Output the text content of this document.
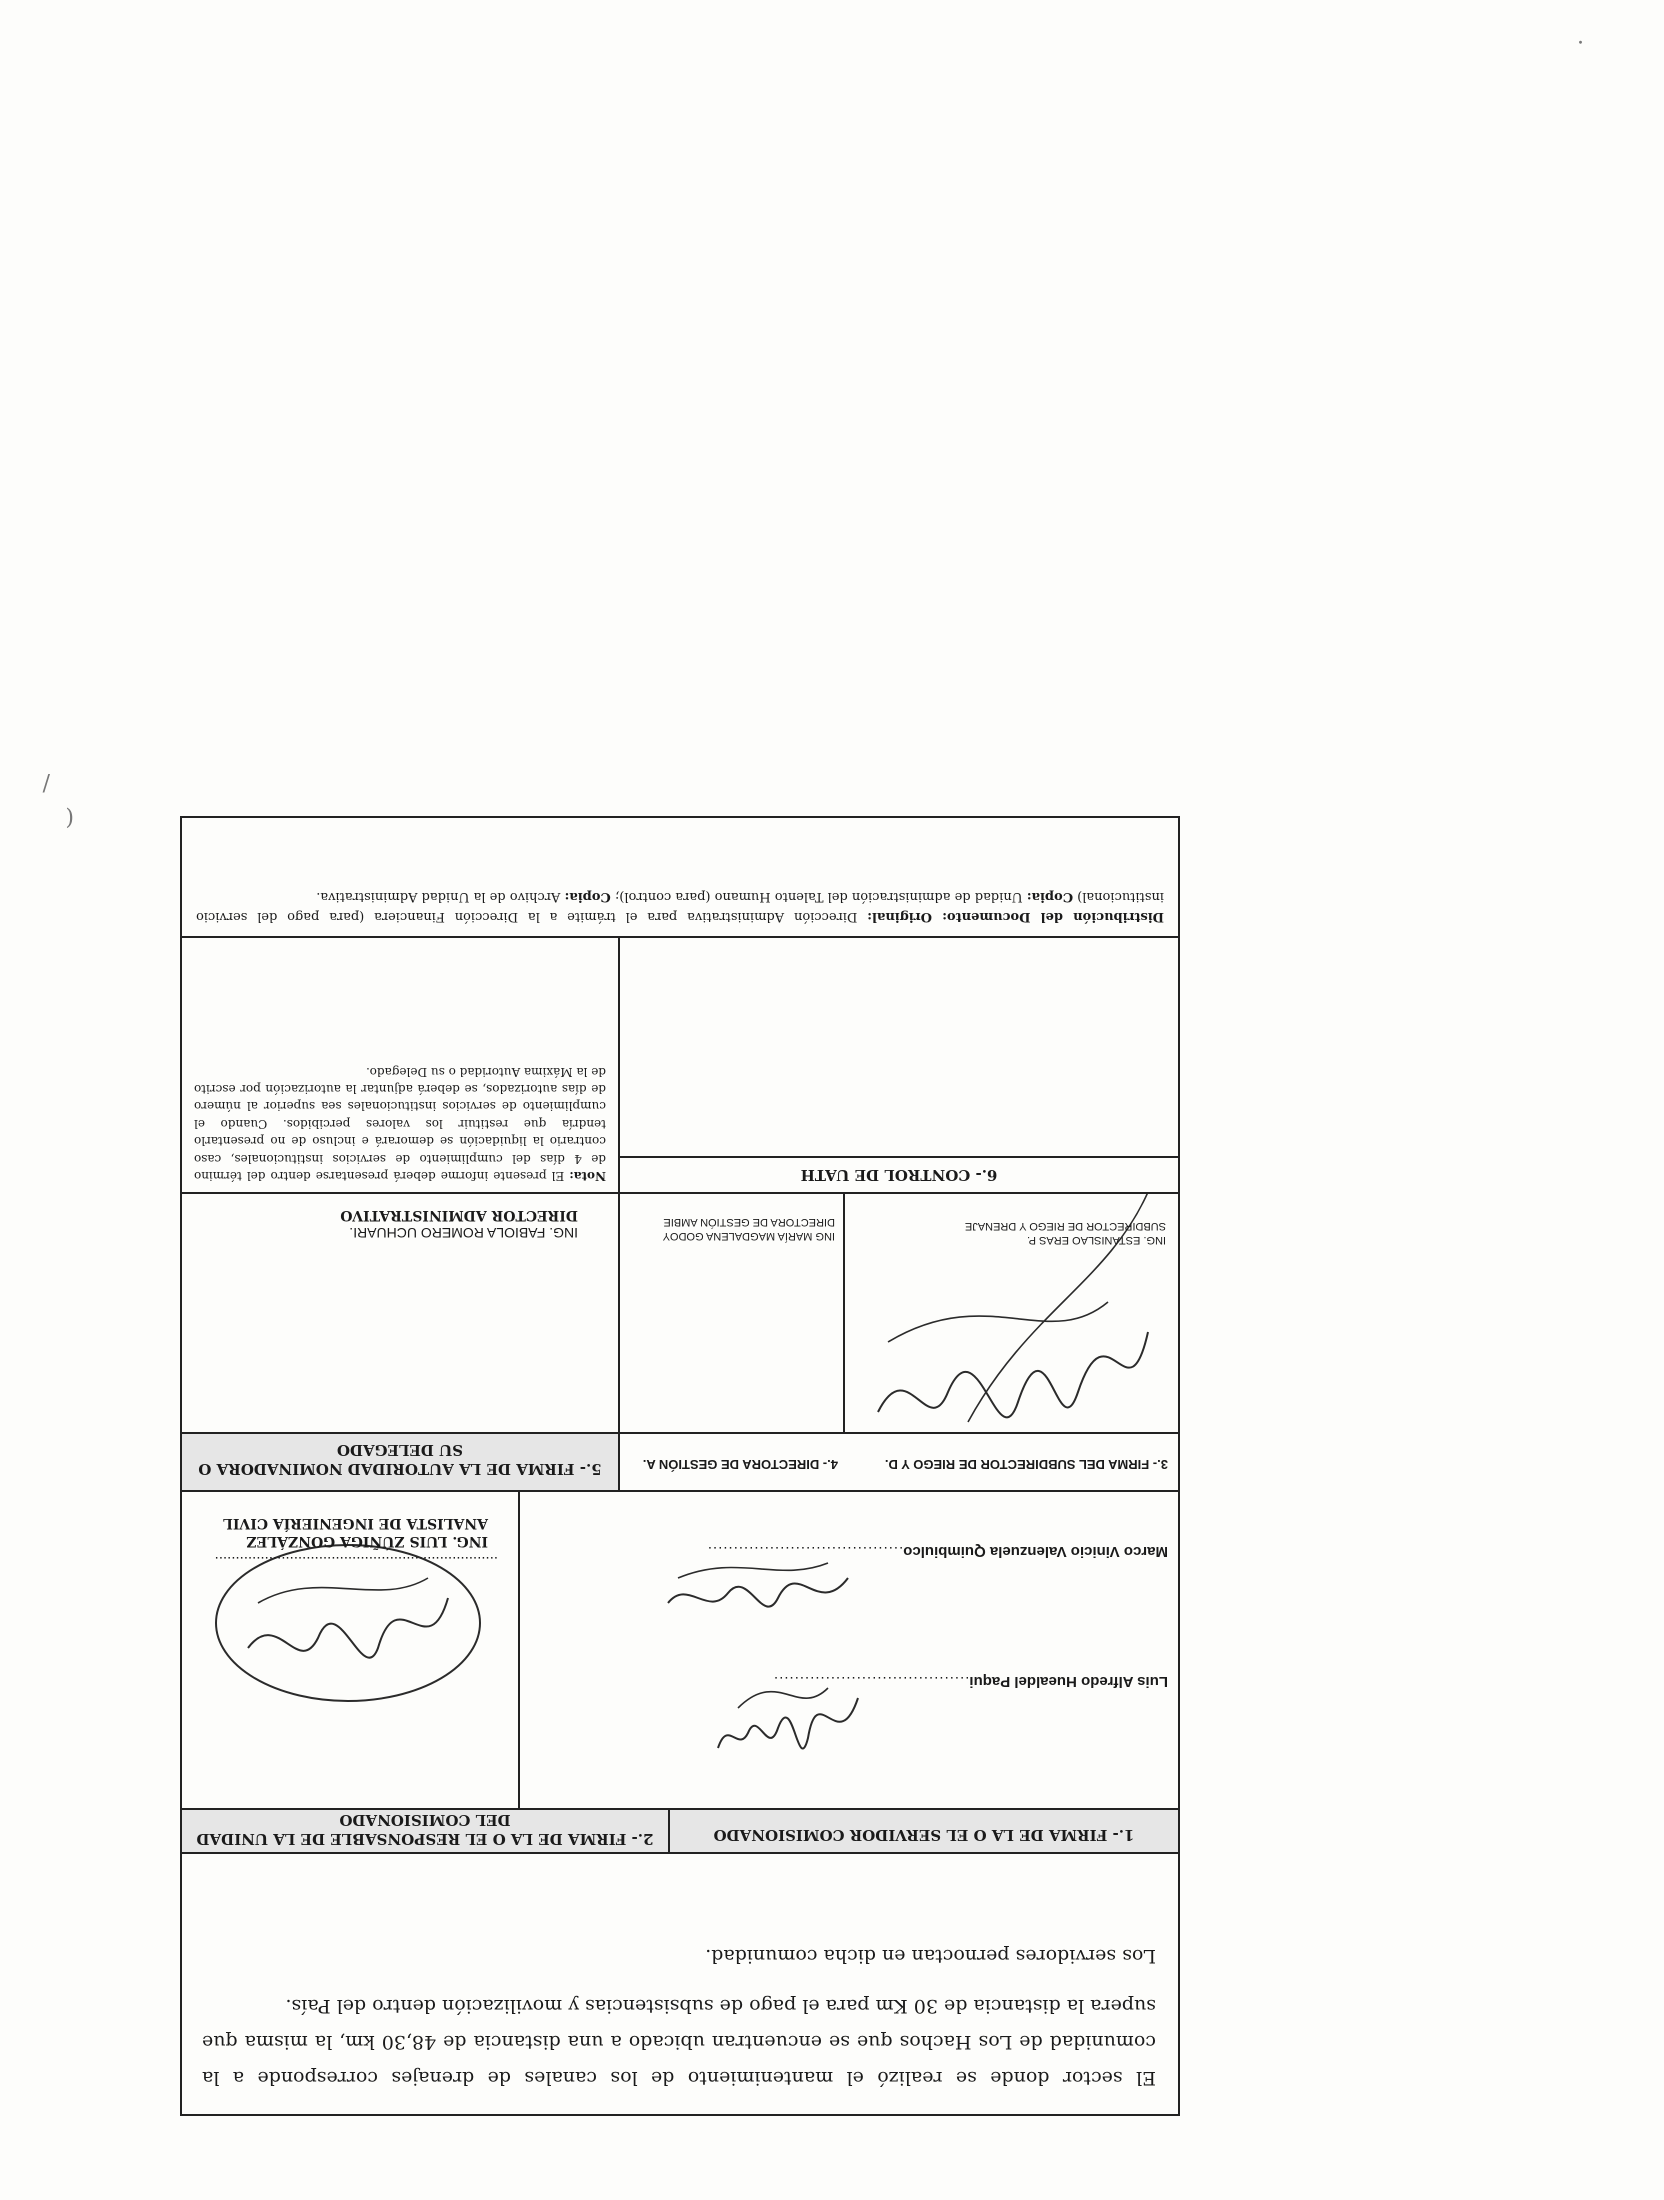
.
(
/

El sector donde se realizó el mantenimiento de los canales de drenajes corresponde a la comunidad de Los Hachos que se encuentran ubicado a una distancia de 48,30 km, la misma que supera la distancia de 30 Km para el pago de subsistencias y movilización dentro del País.

Los servidores pernoctan en dicha comunidad.

1.- FIRMA DE LA O EL SERVIDOR COMISIONADO
2.- FIRMA DE LA O EL RESPONSABLE DE LA UNIDAD DEL COMISIONADO
Luis Alfredo Huealdel Paqui......................................
Marco Vinicio Valenzuela Quimbiulco......................................
....................................................................
ING. LUIS ZÚÑIGA GONZÁLEZ
ANALISTA DE INGENIERÍA CIVIL
3.- FIRMA DEL SUBDIRECTOR DE RIEGO Y D.
4.- DIRECTORA DE GESTIÓN A.
5.- FIRMA DE LA AUTORIDAD NOMINADORA O SU DELEGADO
ING. ESTANISLAO ERAS P.
SUBDIRECTOR DE RIEGO Y DRENAJE
ING MARÍA MAGDALENA GODOY
DIRECTORA DE GESTIÓN AMBIE
ING. FABIOLA ROMERO UCHUARI.
DIRECTOR ADMINISTRATIVO
6.- CONTROL DE UATH
Nota: El presente informe deberá presentarse dentro del término de 4 días del cumplimiento de servicios institucionales, caso contrario la liquidación se demorará e incluso de no presentarlo tendría que restituir los valores percibidos. Cuando el cumplimiento de servicios institucionales sea superior al número de días autorizados, se deberá adjuntar la autorización por escrito de la Máxima Autoridad o su Delegado.
Distribución del Documento: Original: Dirección Administrativa para el trámite a la Dirección Financiera (para pago del servicio institucional) Copia: Unidad de administración del Talento Humano (para control); Copia: Archivo de la Unidad Administrativa.
